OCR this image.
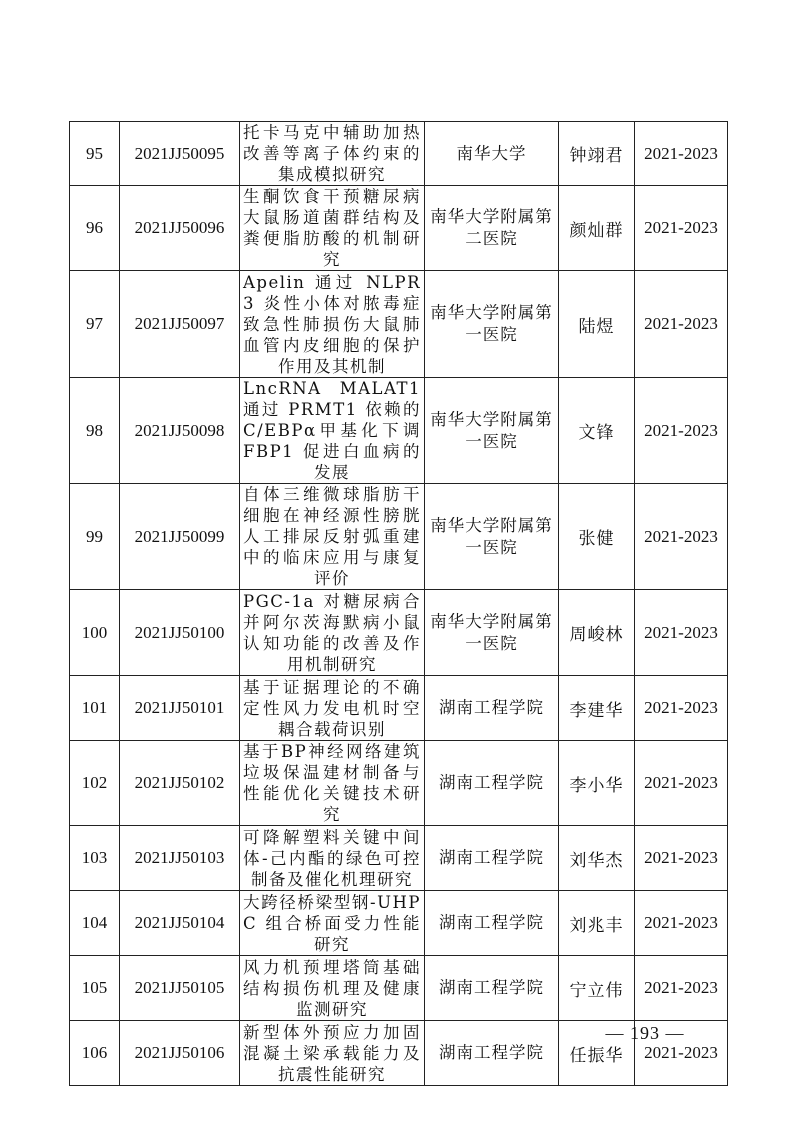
95	2021JJ50095	托卡马克中辅助加热改善等离子体约束的集成模拟研究	南华大学	钟翊君	2021-2023
96	2021JJ50096	生酮饮食干预糖尿病大鼠肠道菌群结构及粪便脂肪酸的机制研究	南华大学附属第二医院	颜灿群	2021-2023
97	2021JJ50097	Apelin 通过 NLPR3 炎性小体对脓毒症致急性肺损伤大鼠肺血管内皮细胞的保护作用及其机制	南华大学附属第一医院	陆煜	2021-2023
98	2021JJ50098	LncRNA MALAT1 通过 PRMT1 依赖的 C/EBPα甲基化下调 FBP1 促进白血病的发展	南华大学附属第一医院	文锋	2021-2023
99	2021JJ50099	自体三维微球脂肪干细胞在神经源性膀胱人工排尿反射弧重建中的临床应用与康复评价	南华大学附属第一医院	张健	2021-2023
100	2021JJ50100	PGC-1a 对糖尿病合并阿尔茨海默病小鼠认知功能的改善及作用机制研究	南华大学附属第一医院	周峻林	2021-2023
101	2021JJ50101	基于证据理论的不确定性风力发电机时空耦合载荷识别	湖南工程学院	李建华	2021-2023
102	2021JJ50102	基于BP神经网络建筑垃圾保温建材制备与性能优化关键技术研究	湖南工程学院	李小华	2021-2023
103	2021JJ50103	可降解塑料关键中间体-己内酯的绿色可控制备及催化机理研究	湖南工程学院	刘华杰	2021-2023
104	2021JJ50104	大跨径桥梁型钢-UHPC 组合桥面受力性能研究	湖南工程学院	刘兆丰	2021-2023
105	2021JJ50105	风力机预埋塔筒基础结构损伤机理及健康监测研究	湖南工程学院	宁立伟	2021-2023
106	2021JJ50106	新型体外预应力加固混凝土梁承载能力及抗震性能研究	湖南工程学院	任振华	2021-2023
— 193 —
